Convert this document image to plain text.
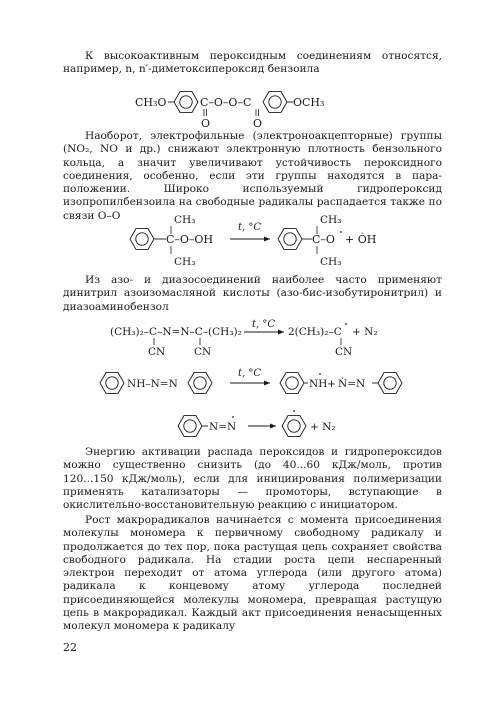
К высокоактивным пероксидным соединениям относятся, например, n, n′-диметоксипероксид бензоила

CH₃O	C–O–O–C
O	O
OCH₃

Наоборот, электрофильные (электроноакцепторные) группы (NO₂, NO и др.) снижают электронную плотность бензольного кольца, а значит увеличивают устойчивость пероксидного соединения, особенно, если эти группы находятся в пара-положении. Широко используемый гидропероксид изопропилбензоила на свободные радикалы распадается также по связи О–О	CH₃
C–O–OH
CH₃
t, °C
CH₃
C–O + ȮH
CH₃

Из азо- и диазосоединений наиболее часто применяют динитрил азоизомасляной кислоты (азо-бис-изобутиронитрил) и диазоаминобензол

(CH₃)₂–C–N=N–C–(CH₃)₂
CN	CN
t, °C
2(CH₃)₂–C + N₂
CN
NH–N=N
t, °C
NH + Ṅ=N
N=N	+ N₂

Энергию активации распада пероксидов и гидропероксидов можно существенно снизить (до 40...60 кДж/моль, против 120...150 кДж/моль), если для инициирования полимеризации применять катализаторы — промоторы, вступающие в окислительно-восстановительную реакцию с инициатором.

Рост макрорадикалов начинается с момента присоединения молекулы мономера к первичному свободному радикалу и продолжается до тех пор, пока растущая цепь сохраняет свойства свободного радикала. На стадии роста цепи неспаренный электрон переходит от атома углерода (или другого атома) радикала к концевому атому углерода последней присоединяющейся молекулы мономера, превращая растущую цепь в макрорадикал. Каждый акт присоединения ненасыщенных молекул мономера к радикалу

22
